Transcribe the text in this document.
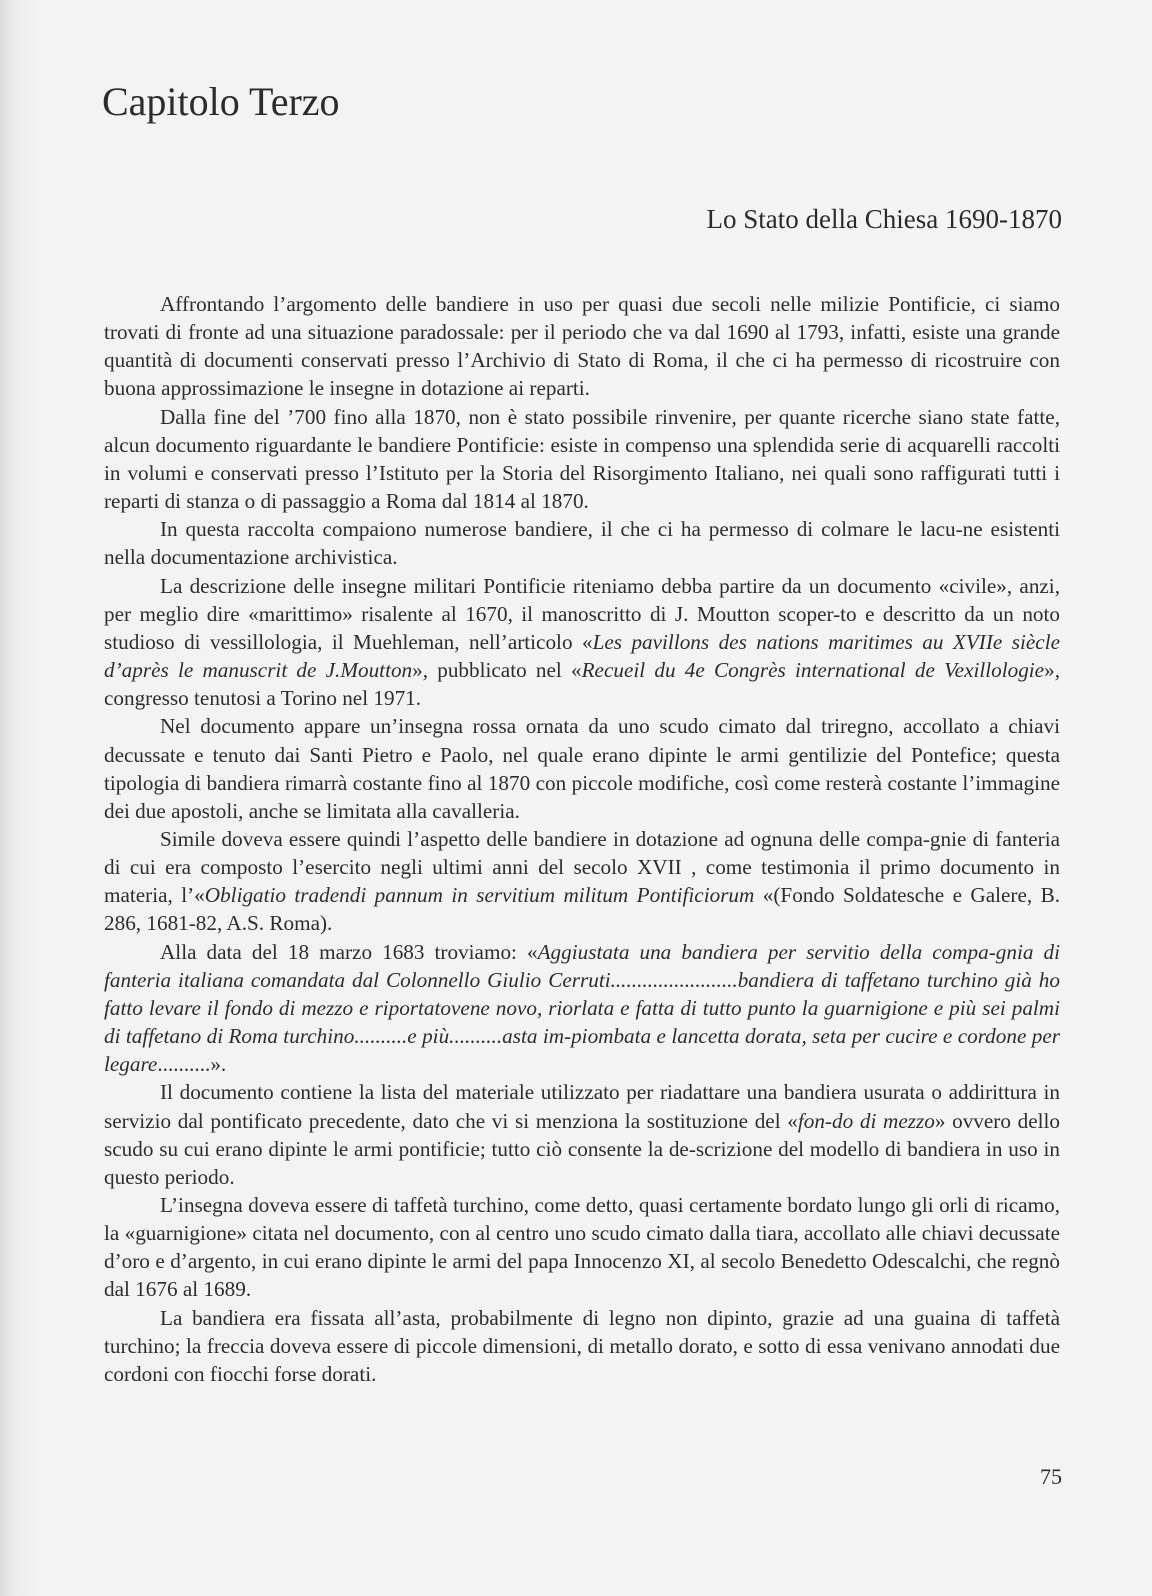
Capitolo Terzo
Lo Stato della Chiesa 1690-1870

Affrontando l’argomento delle bandiere in uso per quasi due secoli nelle milizie Pontificie, ci siamo trovati di fronte ad una situazione paradossale: per il periodo che va dal 1690 al 1793, infatti, esiste una grande quantità di documenti conservati presso l’Archivio di Stato di Roma, il che ci ha permesso di ricostruire con buona approssimazione le insegne in dotazione ai reparti.

Dalla fine del ’700 fino alla 1870, non è stato possibile rinvenire, per quante ricerche siano state fatte, alcun documento riguardante le bandiere Pontificie: esiste in compenso una splendida serie di acquarelli raccolti in volumi e conservati presso l’Istituto per la Storia del Risorgimento Italiano, nei quali sono raffigurati tutti i reparti di stanza o di passaggio a Roma dal 1814 al 1870.

In questa raccolta compaiono numerose bandiere, il che ci ha permesso di colmare le lacu-ne esistenti nella documentazione archivistica.

La descrizione delle insegne militari Pontificie riteniamo debba partire da un documento «civile», anzi, per meglio dire «marittimo» risalente al 1670, il manoscritto di J. Moutton scoper-to e descritto da un noto studioso di vessillologia, il Muehleman, nell’articolo «Les pavillons des nations maritimes au XVIIe siècle d’après le manuscrit de J.Moutton», pubblicato nel «Recueil du 4e Congrès international de Vexillologie», congresso tenutosi a Torino nel 1971.

Nel documento appare un’insegna rossa ornata da uno scudo cimato dal triregno, accollato a chiavi decussate e tenuto dai Santi Pietro e Paolo, nel quale erano dipinte le armi gentilizie del Pontefice; questa tipologia di bandiera rimarrà costante fino al 1870 con piccole modifiche, così come resterà costante l’immagine dei due apostoli, anche se limitata alla cavalleria.

Simile doveva essere quindi l’aspetto delle bandiere in dotazione ad ognuna delle compa-gnie di fanteria di cui era composto l’esercito negli ultimi anni del secolo XVII , come testimonia il primo documento in materia, l’«Obligatio tradendi pannum in servitium militum Pontificiorum «(Fondo Soldatesche e Galere, B. 286, 1681-82, A.S. Roma).

Alla data del 18 marzo 1683 troviamo: «Aggiustata una bandiera per servitio della compa-gnia di fanteria italiana comandata dal Colonnello Giulio Cerruti........................bandiera di taffetano turchino già ho fatto levare il fondo di mezzo e riportatovene novo, riorlata e fatta di tutto punto la guarnigione e più sei palmi di taffetano di Roma turchino..........e più..........asta im-piombata e lancetta dorata, seta per cucire e cordone per legare..........».

Il documento contiene la lista del materiale utilizzato per riadattare una bandiera usurata o addirittura in servizio dal pontificato precedente, dato che vi si menziona la sostituzione del «fon-do di mezzo» ovvero dello scudo su cui erano dipinte le armi pontificie; tutto ciò consente la de-scrizione del modello di bandiera in uso in questo periodo.

L’insegna doveva essere di taffetà turchino, come detto, quasi certamente bordato lungo gli orli di ricamo, la «guarnigione» citata nel documento, con al centro uno scudo cimato dalla tiara, accollato alle chiavi decussate d’oro e d’argento, in cui erano dipinte le armi del papa Innocenzo XI, al secolo Benedetto Odescalchi, che regnò dal 1676 al 1689.

La bandiera era fissata all’asta, probabilmente di legno non dipinto, grazie ad una guaina di taffetà turchino; la freccia doveva essere di piccole dimensioni, di metallo dorato, e sotto di essa venivano annodati due cordoni con fiocchi forse dorati.

75
